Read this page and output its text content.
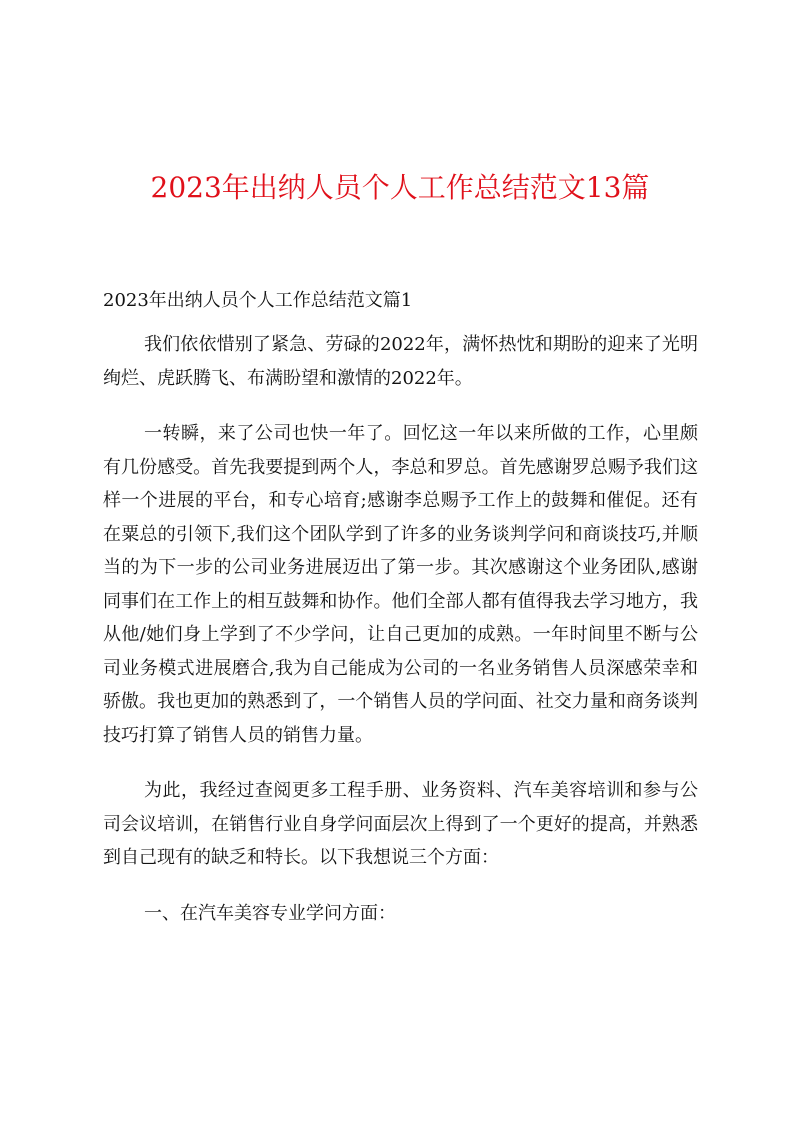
2023年出纳人员个人工作总结范文13篇
2023年出纳人员个人工作总结范文篇1

我们依依惜别了紧急、劳碌的2022年，满怀热忱和期盼的迎来了光明绚烂、虎跃腾飞、布满盼望和激情的2022年。

一转瞬，来了公司也快一年了。回忆这一年以来所做的工作，心里颇有几份感受。首先我要提到两个人，李总和罗总。首先感谢罗总赐予我们这样一个进展的平台，和专心培育;感谢李总赐予工作上的鼓舞和催促。还有在粟总的引领下,我们这个团队学到了许多的业务谈判学问和商谈技巧,并顺当的为下一步的公司业务进展迈出了第一步。其次感谢这个业务团队,感谢同事们在工作上的相互鼓舞和协作。他们全部人都有值得我去学习地方，我从他/她们身上学到了不少学问，让自己更加的成熟。一年时间里不断与公司业务模式进展磨合,我为自己能成为公司的一名业务销售人员深感荣幸和骄傲。我也更加的熟悉到了，一个销售人员的学问面、社交力量和商务谈判技巧打算了销售人员的销售力量。

为此，我经过查阅更多工程手册、业务资料、汽车美容培训和参与公司会议培训，在销售行业自身学问面层次上得到了一个更好的提高，并熟悉到自己现有的缺乏和特长。以下我想说三个方面：

一、在汽车美容专业学问方面：
